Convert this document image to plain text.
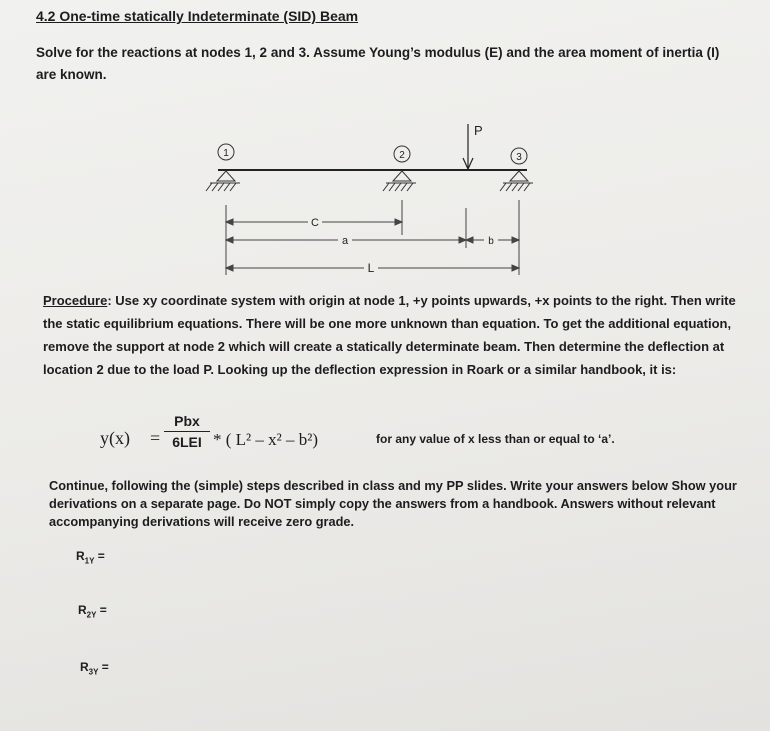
4.2 One-time statically Indeterminate (SID) Beam
Solve for the reactions at nodes 1, 2 and 3. Assume Young’s modulus (E) and the area moment of inertia (I) are known.
1	2	3
P
C
a	b
L
Procedure: Use xy coordinate system with origin at node 1, +y points upwards, +x points to the right. Then write the static equilibrium equations. There will be one more unknown than equation. To get the additional equation, remove the support at node 2 which will create a statically determinate beam. Then determine the deflection at location 2 due to the load P. Looking up the deflection expression in Roark or a similar handbook, it is:
y(x) =
Pbx
6LEI * ( L² – x² – b²)	for any value of x less than or equal to ‘a’.
Continue, following the (simple) steps described in class and my PP slides. Write your answers below Show your derivations on a separate page. Do NOT simply copy the answers from a handbook. Answers without relevant accompanying derivations will receive zero grade.
$R_{1Y}$ =
$R_{2Y}$ =
$R_{3Y}$ =
